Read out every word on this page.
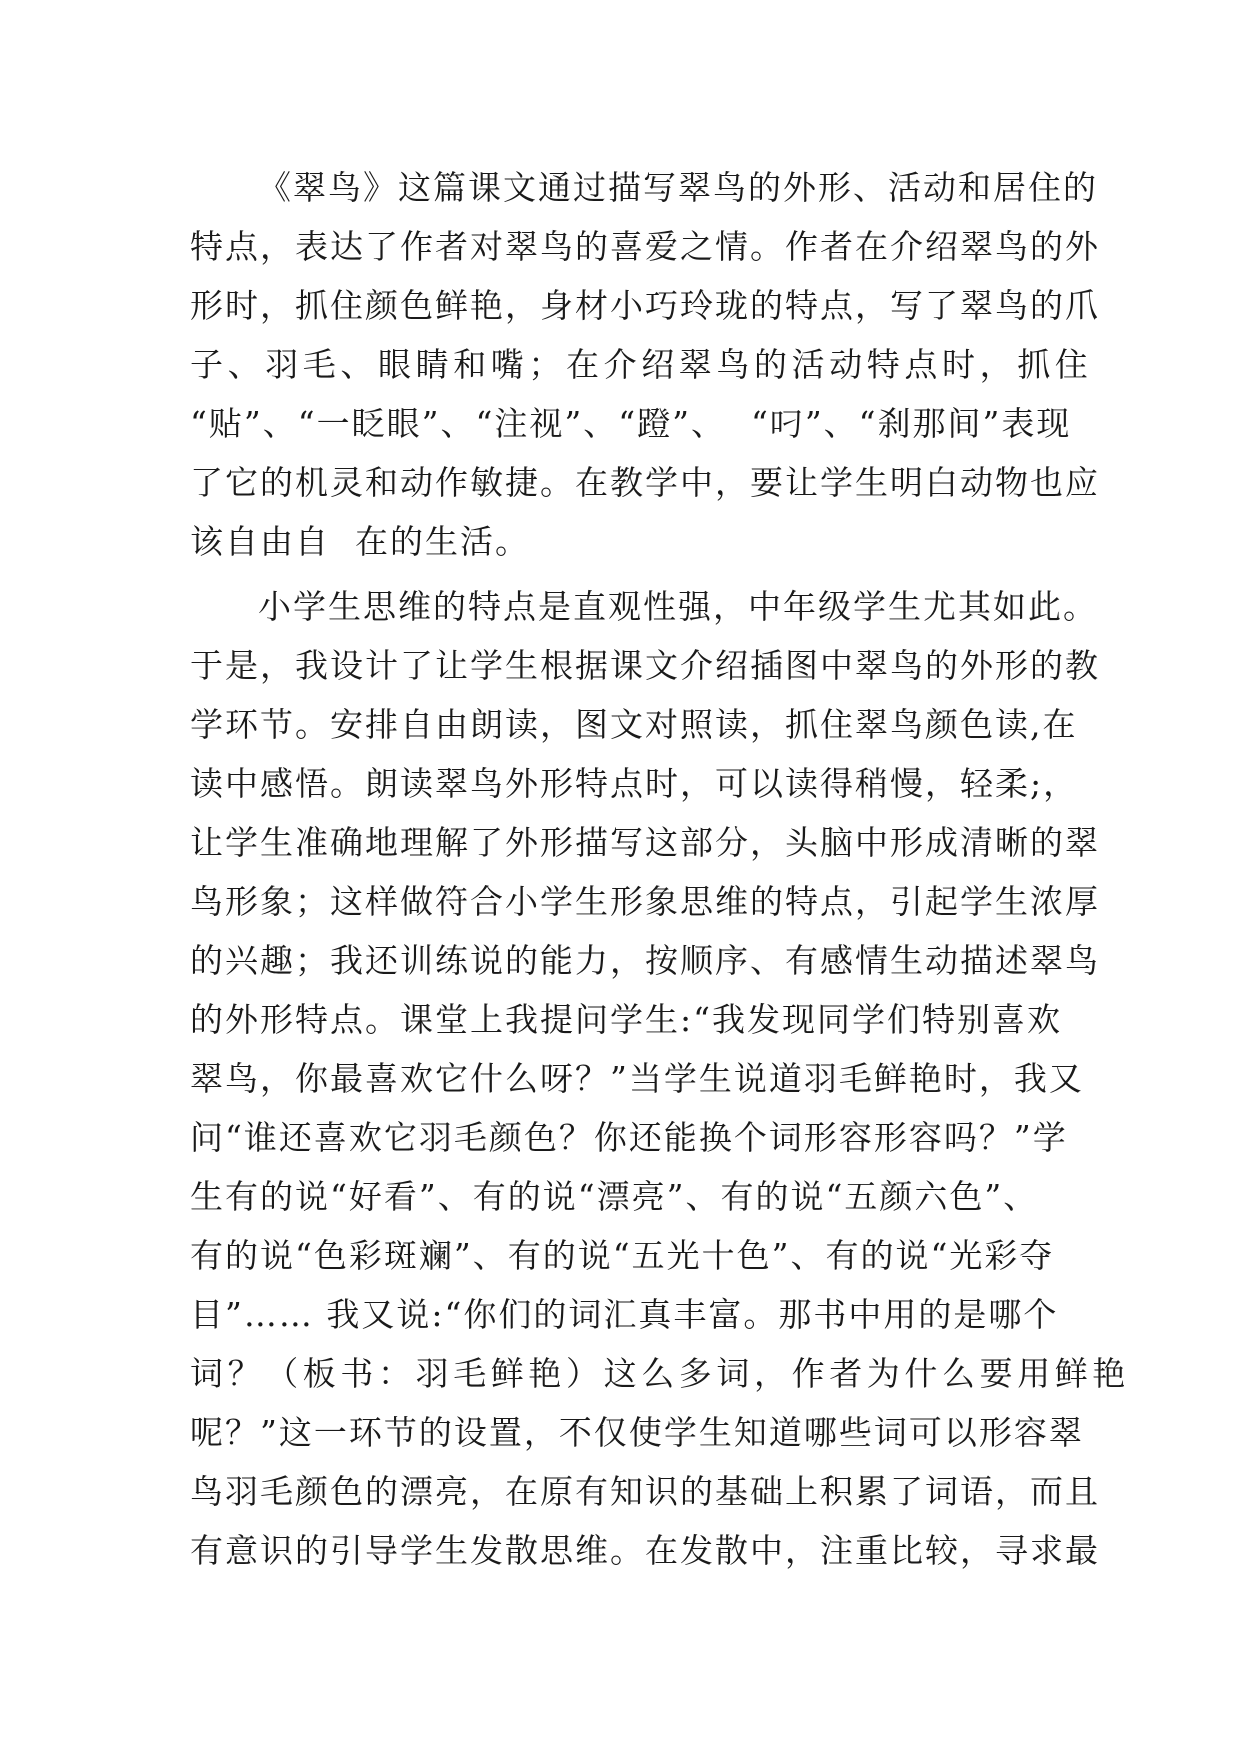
《翠鸟》这篇课文通过描写翠鸟的外形、活动和居住的
特点，表达了作者对翠鸟的喜爱之情。作者在介绍翠鸟的外
形时，抓住颜色鲜艳，身材小巧玲珑的特点，写了翠鸟的爪
子、羽毛、眼睛和嘴；在介绍翠鸟的活动特点时，抓住
“贴”、“一眨眼”、“注视”、“蹬”、  “叼”、“刹那间”表现
了它的机灵和动作敏捷。在教学中，要让学生明白动物也应
该自由自  在的生活。
小学生思维的特点是直观性强，中年级学生尤其如此。
于是，我设计了让学生根据课文介绍插图中翠鸟的外形的教
学环节。安排自由朗读，图文对照读，抓住翠鸟颜色读,在
读中感悟。朗读翠鸟外形特点时，可以读得稍慢，轻柔;，
让学生准确地理解了外形描写这部分，头脑中形成清晰的翠
鸟形象；这样做符合小学生形象思维的特点，引起学生浓厚
的兴趣；我还训练说的能力，按顺序、有感情生动描述翠鸟
的外形特点。课堂上我提问学生:“我发现同学们特别喜欢
翠鸟，你最喜欢它什么呀？”当学生说道羽毛鲜艳时，我又
问“谁还喜欢它羽毛颜色？你还能换个词形容形容吗？”学
生有的说“好看”、有的说“漂亮”、有的说“五颜六色”、
有的说“色彩斑斓”、有的说“五光十色”、有的说“光彩夺
目”…… 我又说:“你们的词汇真丰富。那书中用的是哪个
词？（板书：羽毛鲜艳）这么多词，作者为什么要用鲜艳
呢？”这一环节的设置，不仅使学生知道哪些词可以形容翠
鸟羽毛颜色的漂亮，在原有知识的基础上积累了词语，而且
有意识的引导学生发散思维。在发散中，注重比较，寻求最
